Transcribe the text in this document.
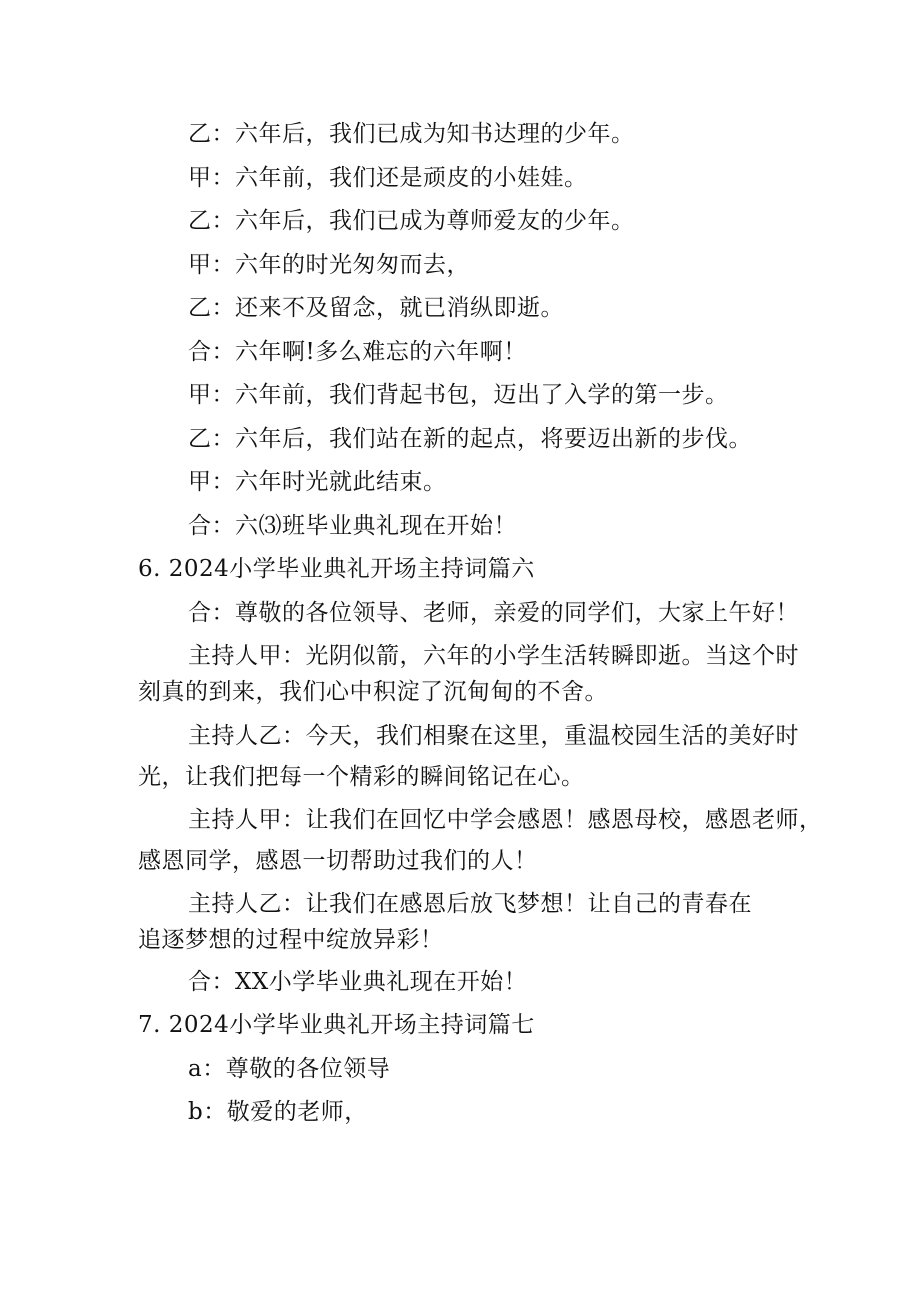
乙：六年后，我们已成为知书达理的少年。
甲：六年前，我们还是顽皮的小娃娃。
乙：六年后，我们已成为尊师爱友的少年。
甲：六年的时光匆匆而去，
乙：还来不及留念，就已消纵即逝。
合：六年啊!多么难忘的六年啊！
甲：六年前，我们背起书包，迈出了入学的第一步。
乙：六年后，我们站在新的起点，将要迈出新的步伐。
甲：六年时光就此结束。
合：六⑶班毕业典礼现在开始！
6. 2024小学毕业典礼开场主持词篇六
合：尊敬的各位领导、老师，亲爱的同学们，大家上午好！
主持人甲：光阴似箭，六年的小学生活转瞬即逝。当这个时
刻真的到来，我们心中积淀了沉甸甸的不舍。
主持人乙：今天，我们相聚在这里，重温校园生活的美好时
光，让我们把每一个精彩的瞬间铭记在心。
主持人甲：让我们在回忆中学会感恩！感恩母校，感恩老师，
感恩同学，感恩一切帮助过我们的人！
主持人乙：让我们在感恩后放飞梦想！让自己的青春在
追逐梦想的过程中绽放异彩！
合：XX小学毕业典礼现在开始！
7. 2024小学毕业典礼开场主持词篇七
a：尊敬的各位领导
b：敬爱的老师，
